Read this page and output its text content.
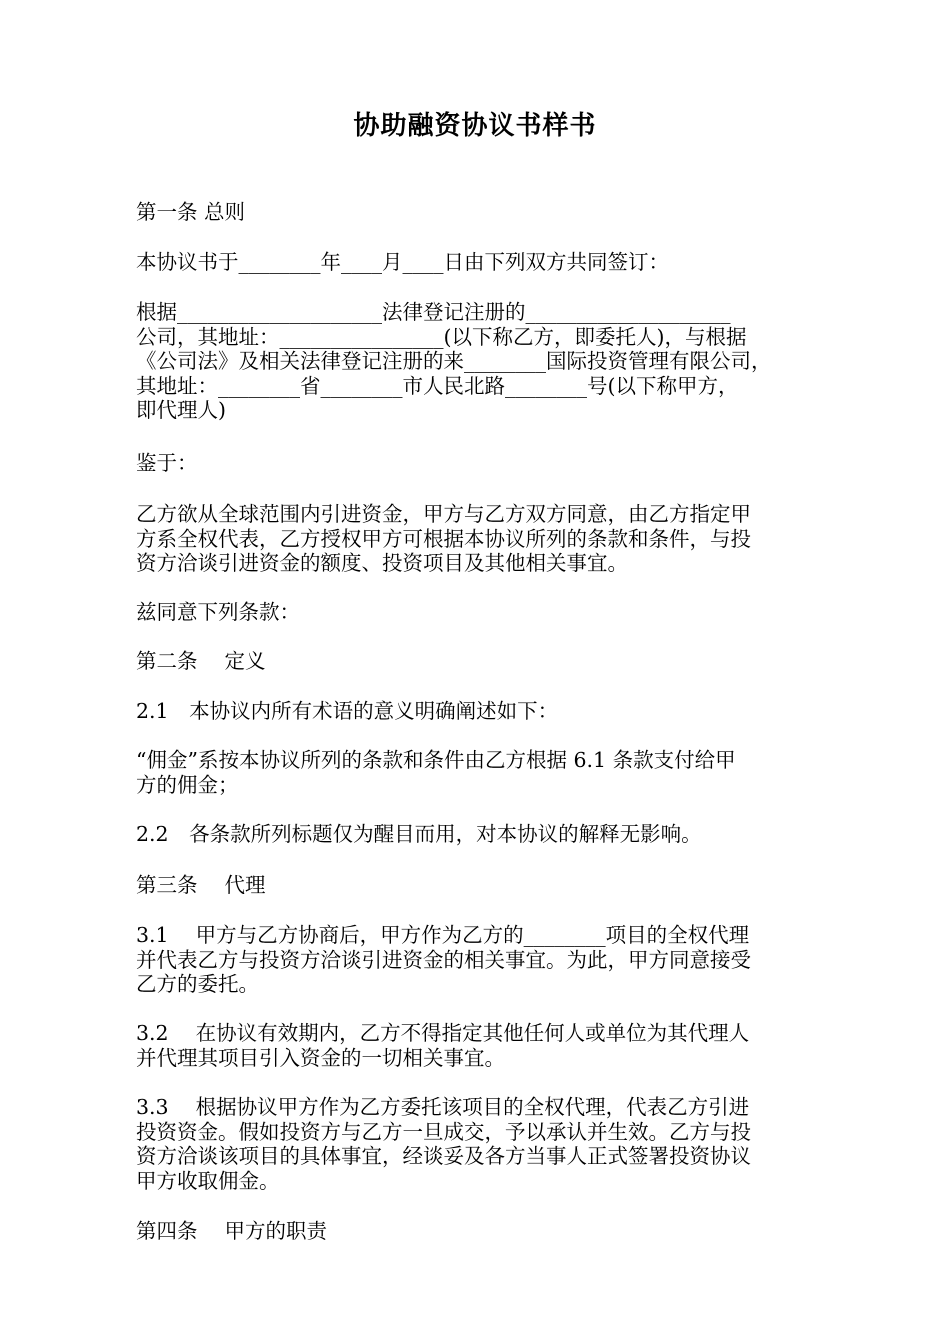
协助融资协议书样书
第一条 总则
本协议书于________年____月____日由下列双方共同签订：
根据____________________法律登记注册的____________________
公司，其地址：________________(以下称乙方，即委托人)，与根据
《公司法》及相关法律登记注册的来________国际投资管理有限公司，
其地址：________省________市人民北路________号(以下称甲方，
即代理人)
鉴于：
乙方欲从全球范围内引进资金，甲方与乙方双方同意，由乙方指定甲
方系全权代表，乙方授权甲方可根据本协议所列的条款和条件，与投
资方洽谈引进资金的额度、投资项目及其他相关事宜。
兹同意下列条款：
第二条　 定义
2.1　本协议内所有术语的意义明确阐述如下：
“佣金”系按本协议所列的条款和条件由乙方根据 6.1 条款支付给甲
方的佣金；
2.2　各条款所列标题仅为醒目而用，对本协议的解释无影响。
第三条　 代理
3.1　 甲方与乙方协商后，甲方作为乙方的________项目的全权代理
并代表乙方与投资方洽谈引进资金的相关事宜。为此，甲方同意接受
乙方的委托。
3.2　 在协议有效期内，乙方不得指定其他任何人或单位为其代理人
并代理其项目引入资金的一切相关事宜。
3.3　 根据协议甲方作为乙方委托该项目的全权代理，代表乙方引进
投资资金。假如投资方与乙方一旦成交，予以承认并生效。乙方与投
资方洽谈该项目的具体事宜，经谈妥及各方当事人正式签署投资协议
甲方收取佣金。
第四条　 甲方的职责
